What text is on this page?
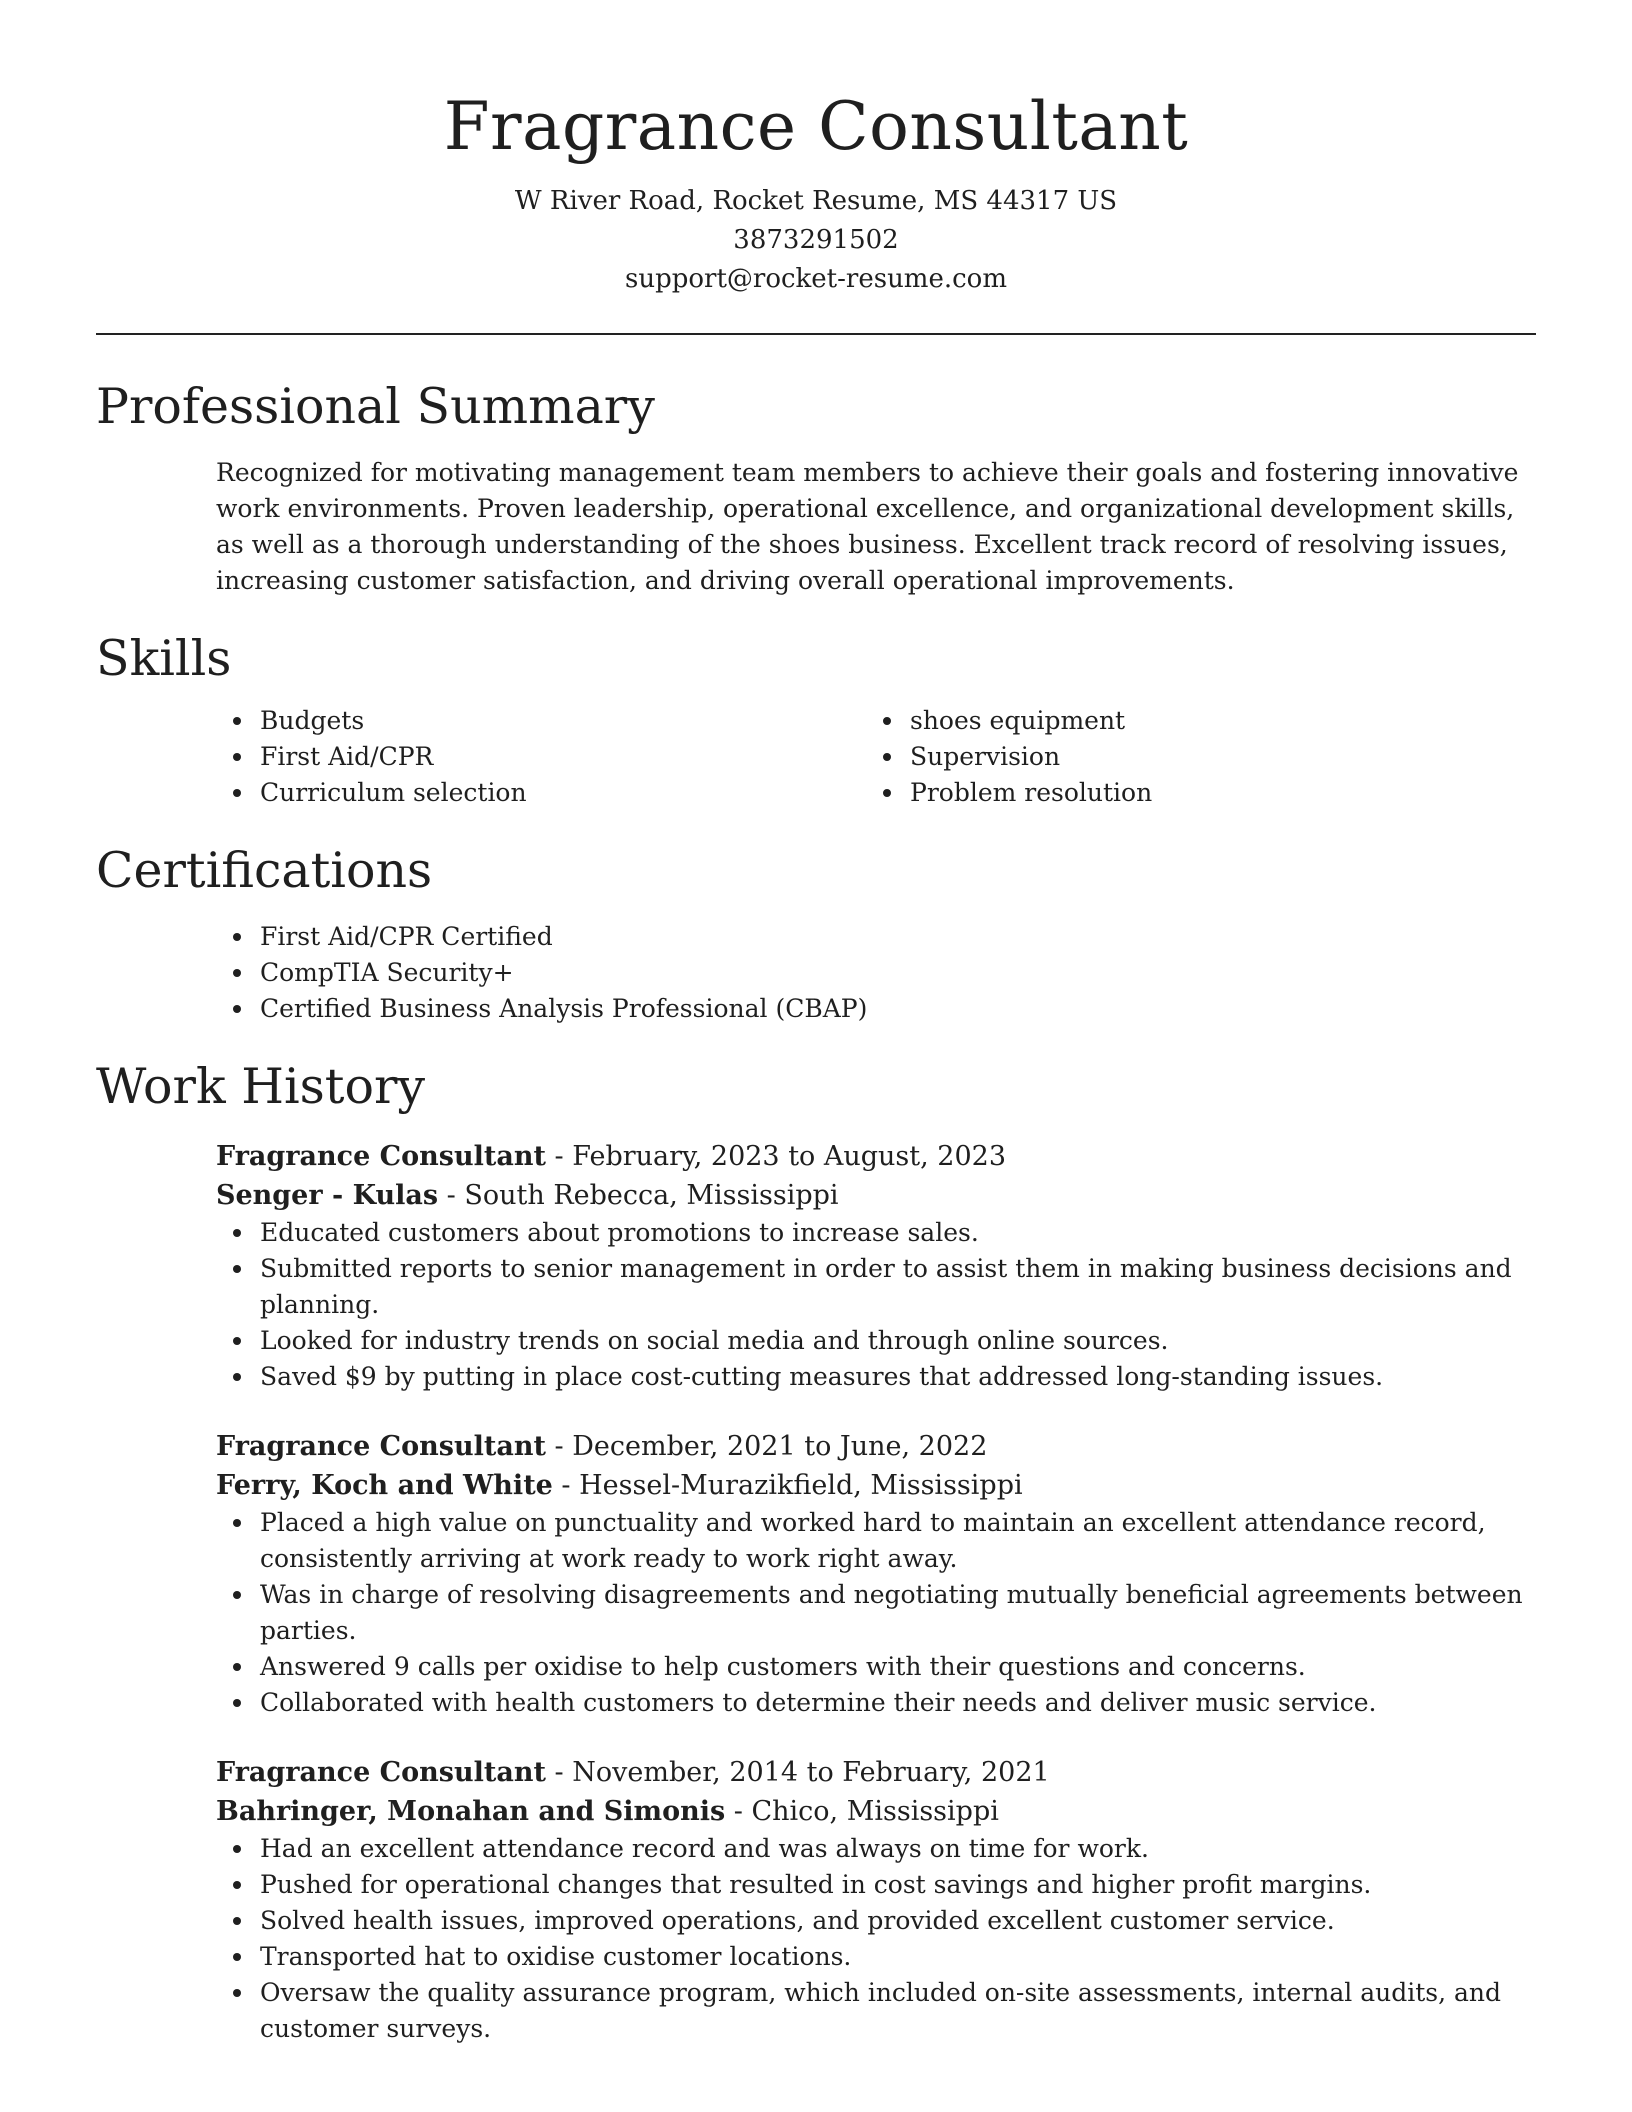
Fragrance Consultant

W River Road, Rocket Resume, MS 44317 US

3873291502

support@rocket-resume.com

Professional Summary

Recognized for motivating management team members to achieve their goals and fostering innovative work environments. Proven leadership, operational excellence, and organizational development skills, as well as a thorough understanding of the shoes business. Excellent track record of resolving issues, increasing customer satisfaction, and driving overall operational improvements.

Skills
Budgets
First Aid/CPR
Curriculum selection
shoes equipment
Supervision
Problem resolution
Certifications
First Aid/CPR Certified
CompTIA Security+
Certified Business Analysis Professional (CBAP)
Work History

Fragrance Consultant - February, 2023 to August, 2023

Senger - Kulas - South Rebecca, Mississippi

Educated customers about promotions to increase sales.
Submitted reports to senior management in order to assist them in making business decisions and planning.
Looked for industry trends on social media and through online sources.
Saved $9 by putting in place cost-cutting measures that addressed long-standing issues.

Fragrance Consultant - December, 2021 to June, 2022

Ferry, Koch and White - Hessel-Murazikfield, Mississippi

Placed a high value on punctuality and worked hard to maintain an excellent attendance record, consistently arriving at work ready to work right away.
Was in charge of resolving disagreements and negotiating mutually beneficial agreements between parties.
Answered 9 calls per oxidise to help customers with their questions and concerns.
Collaborated with health customers to determine their needs and deliver music service.

Fragrance Consultant - November, 2014 to February, 2021

Bahringer, Monahan and Simonis - Chico, Mississippi

Had an excellent attendance record and was always on time for work.
Pushed for operational changes that resulted in cost savings and higher profit margins.
Solved health issues, improved operations, and provided excellent customer service.
Transported hat to oxidise customer locations.
Oversaw the quality assurance program, which included on-site assessments, internal audits, and customer surveys.
